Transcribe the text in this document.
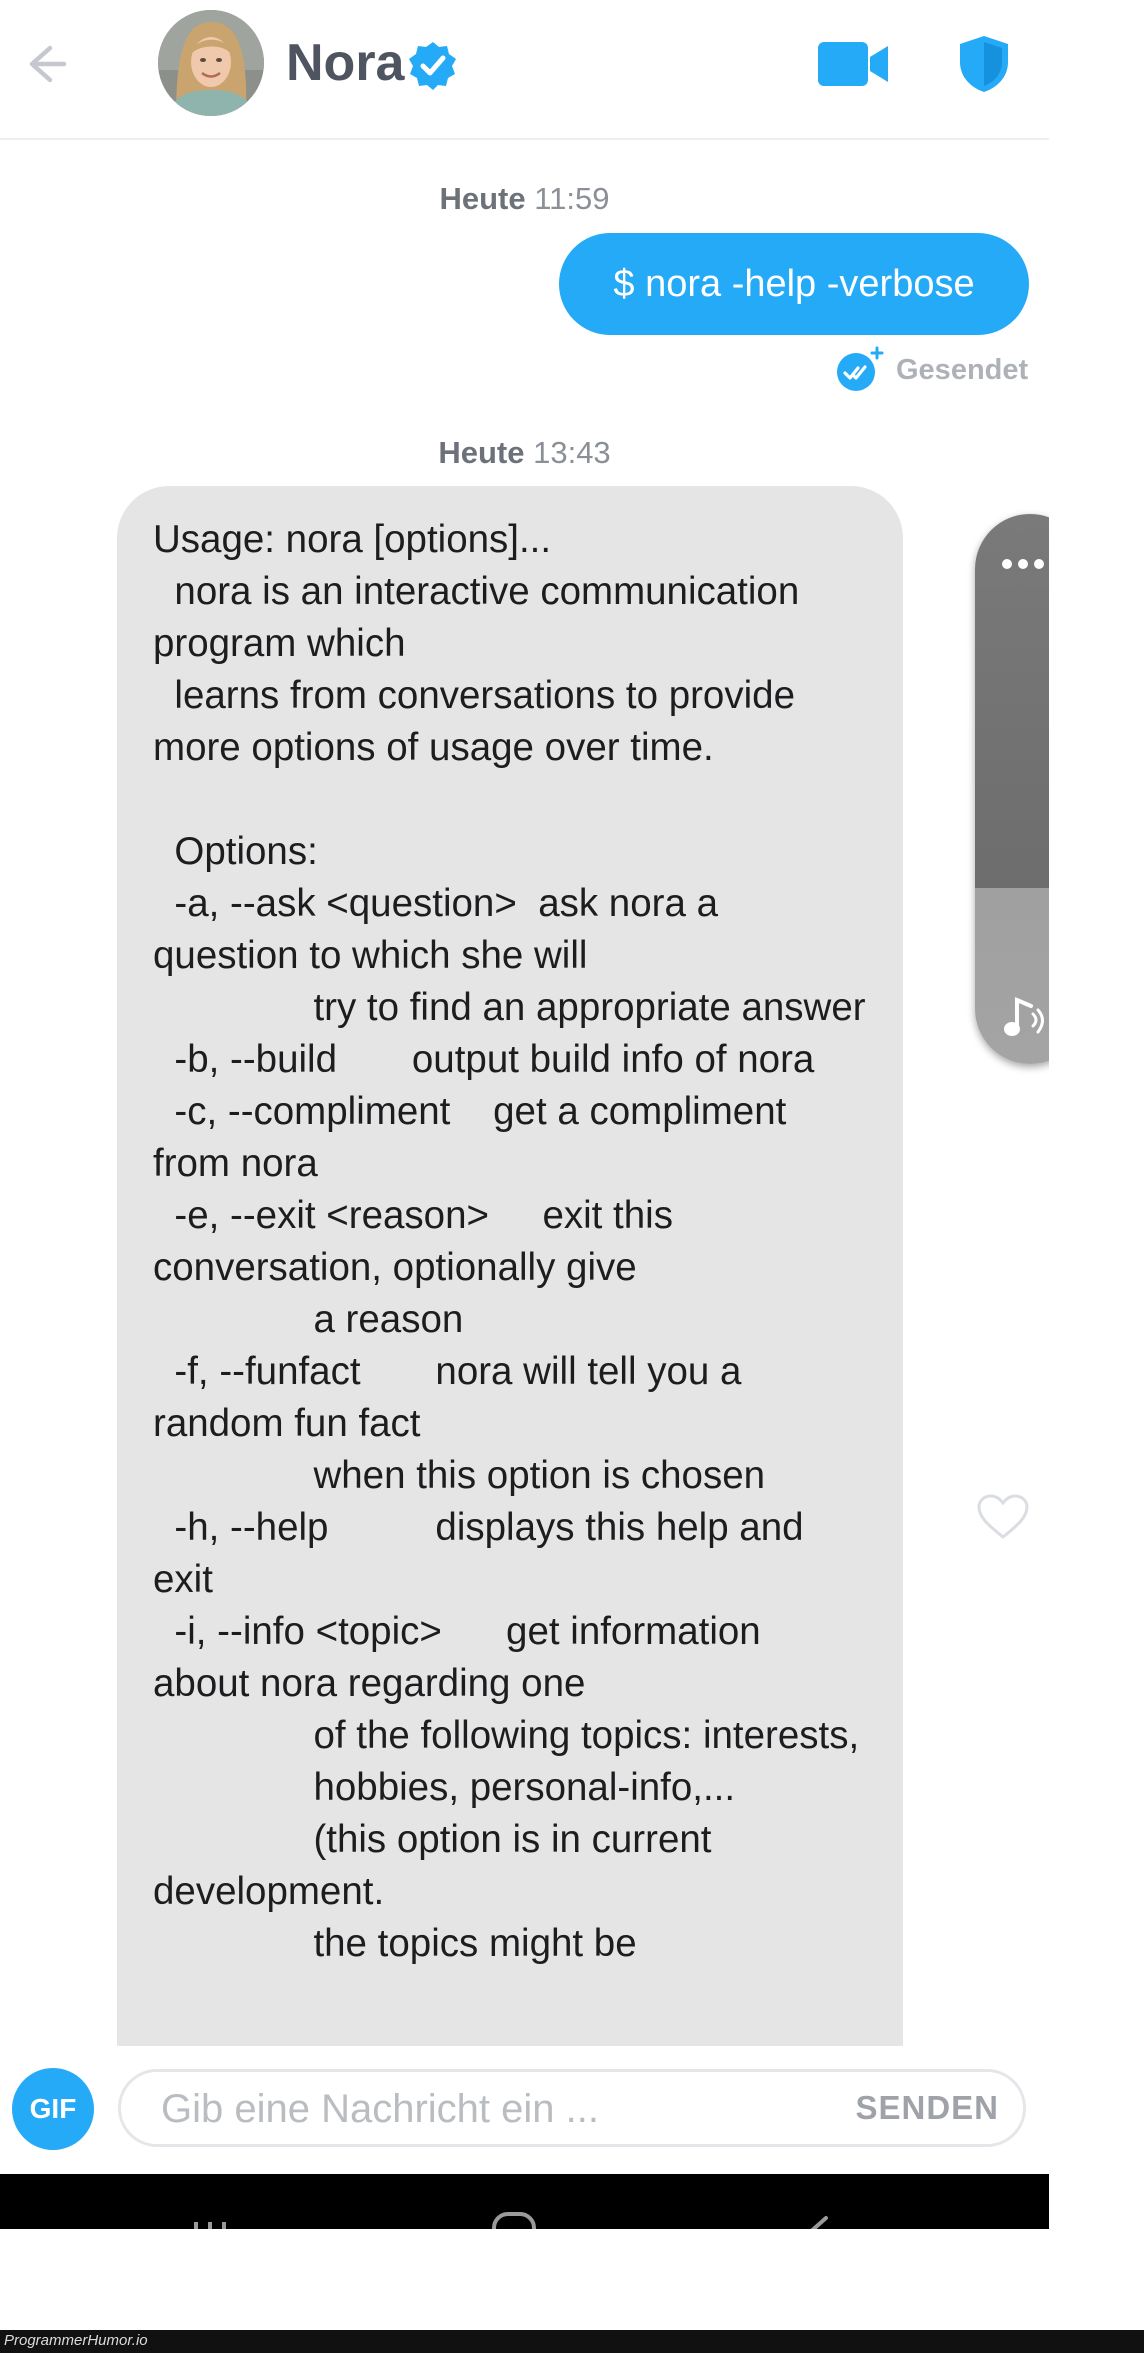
Nora
Heute 11:59
$ nora -help -verbose
Gesendet
Heute 13:43
Usage: nora [options]...
nora is an interactive communication program which
learns from conversations to provide more options of usage over time.

Options:
-a, --ask <question>  ask nora a question to which she will
try to find an appropriate answer
-b, --build       output build info of nora
-c, --compliment    get a compliment from nora
-e, --exit <reason>     exit this conversation, optionally give
a reason
-f, --funfact       nora will tell you a random fun fact
when this option is chosen
-h, --help          displays this help and exit
-i, --info <topic>      get information about nora regarding one
of the following topics: interests,
hobbies, personal-info,...
(this option is in current development.
the topics might be
GIF
Gib eine Nachricht ein ...	SENDEN
ProgrammerHumor.io
